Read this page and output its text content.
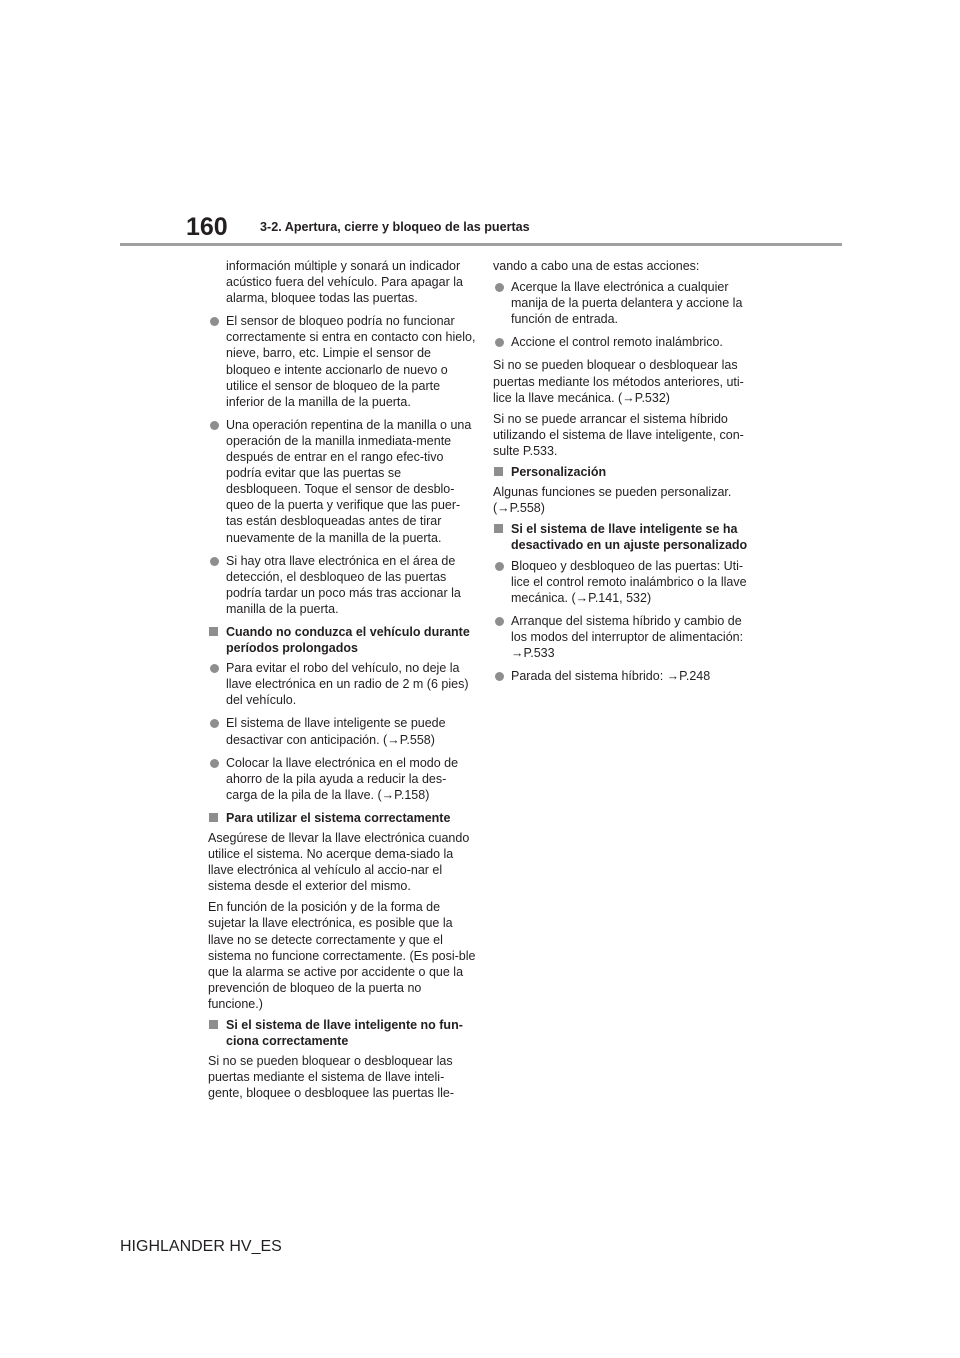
160	3-2. Apertura, cierre y bloqueo de las puertas
información múltiple y sonará un indicador acústico fuera del vehículo. Para apagar la alarma, bloquee todas las puertas.
El sensor de bloqueo podría no funcionar correctamente si entra en contacto con hielo, nieve, barro, etc. Limpie el sensor de bloqueo e intente accionarlo de nuevo o utilice el sensor de bloqueo de la parte inferior de la manilla de la puerta.
Una operación repentina de la manilla o una operación de la manilla inmediata-mente después de entrar en el rango efec-tivo podría evitar que las puertas se desbloqueen. Toque el sensor de desblo-queo de la puerta y verifique que las puer-tas están desbloqueadas antes de tirar nuevamente de la manilla de la puerta.
Si hay otra llave electrónica en el área de detección, el desbloqueo de las puertas podría tardar un poco más tras accionar la manilla de la puerta.
Cuando no conduzca el vehículo durante períodos prolongados
Para evitar el robo del vehículo, no deje la llave electrónica en un radio de 2 m (6 pies) del vehículo.
El sistema de llave inteligente se puede desactivar con anticipación. (→P.558)
Colocar la llave electrónica en el modo de ahorro de la pila ayuda a reducir la des-carga de la pila de la llave. (→P.158)
Para utilizar el sistema correctamente
Asegúrese de llevar la llave electrónica cuando utilice el sistema. No acerque dema-siado la llave electrónica al vehículo al accio-nar el sistema desde el exterior del mismo.
En función de la posición y de la forma de sujetar la llave electrónica, es posible que la llave no se detecte correctamente y que el sistema no funcione correctamente. (Es posi-ble que la alarma se active por accidente o que la prevención de bloqueo de la puerta no funcione.)
Si el sistema de llave inteligente no fun-ciona correctamente
Si no se pueden bloquear o desbloquear las puertas mediante el sistema de llave inteli-gente, bloquee o desbloquee las puertas lle-
vando a cabo una de estas acciones:
Acerque la llave electrónica a cualquier manija de la puerta delantera y accione la función de entrada.
Accione el control remoto inalámbrico.
Si no se pueden bloquear o desbloquear las puertas mediante los métodos anteriores, uti-lice la llave mecánica. (→P.532)
Si no se puede arrancar el sistema híbrido utilizando el sistema de llave inteligente, con-sulte P.533.
Personalización
Algunas funciones se pueden personalizar. (→P.558)
Si el sistema de llave inteligente se ha desactivado en un ajuste personalizado
Bloqueo y desbloqueo de las puertas: Uti-lice el control remoto inalámbrico o la llave mecánica. (→P.141, 532)
Arranque del sistema híbrido y cambio de los modos del interruptor de alimentación: →P.533
Parada del sistema híbrido: →P.248
HIGHLANDER HV_ES
